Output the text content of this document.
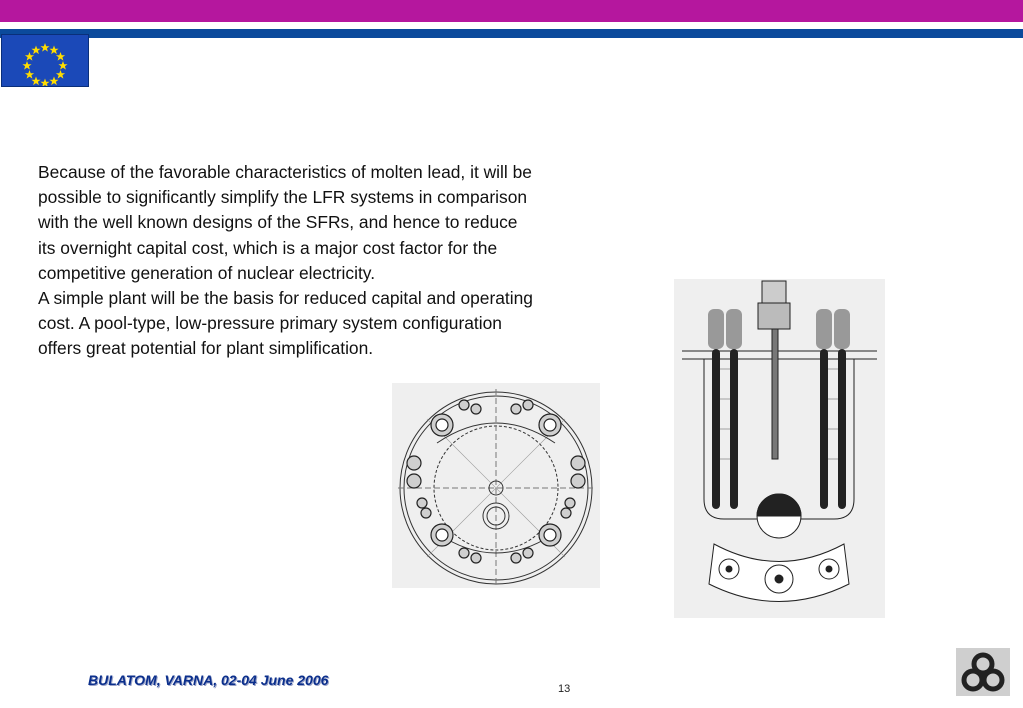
Because of the favorable characteristics of molten lead, it will be possible to significantly simplify the LFR systems in comparison with the well known designs of the SFRs, and hence to reduce its overnight capital cost, which is a major cost factor for the competitive generation of nuclear electricity.

A simple plant will be the basis for reduced capital and operating cost. A pool-type, low-pressure primary system configuration offers great potential for plant simplification.

BULATOM, VARNA, 02-04 June 2006
13
